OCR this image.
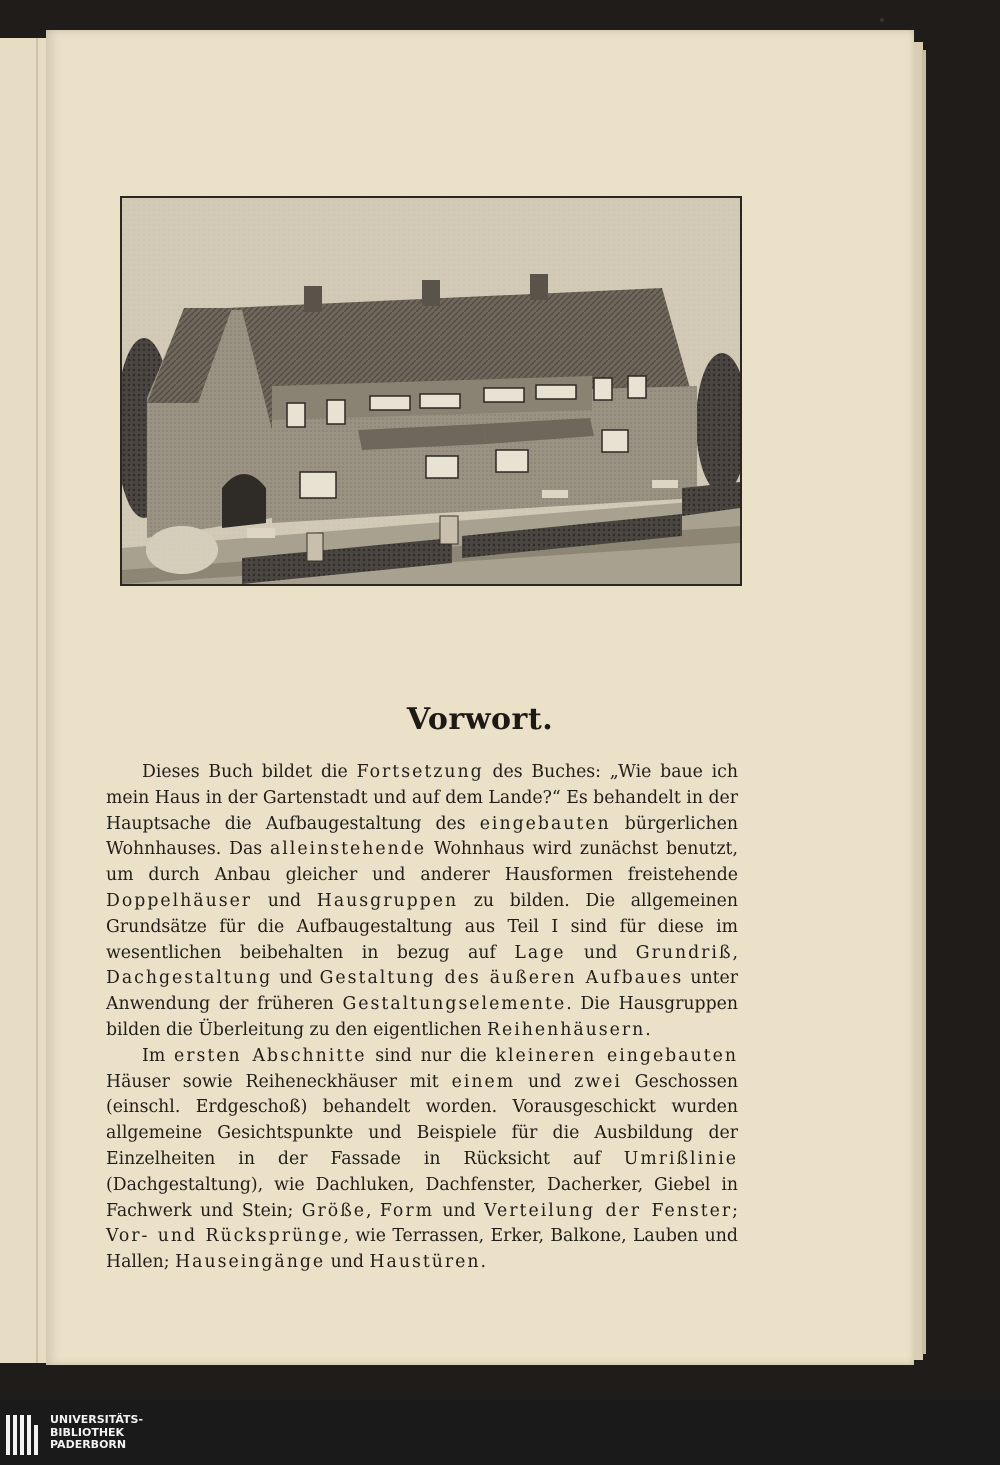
Vorwort.

Dieses Buch bildet die Fortsetzung des Buches: „Wie baue ich mein Haus in der Gartenstadt und auf dem Lande?“ Es behandelt in der Hauptsache die Aufbaugestaltung des eingebauten bürgerlichen Wohnhauses. Das alleinstehende Wohnhaus wird zunächst benutzt, um durch Anbau gleicher und anderer Hausformen freistehende Doppelhäuser und Hausgruppen zu bilden. Die allgemeinen Grundsätze für die Aufbaugestaltung aus Teil I sind für diese im wesentlichen beibehalten in bezug auf Lage und Grundriß, Dachgestaltung und Gestaltung des äußeren Aufbaues unter Anwendung der früheren Gestaltungselemente. Die Hausgruppen bilden die Überleitung zu den eigentlichen Reihenhäusern.

Im ersten Abschnitte sind nur die kleineren eingebauten Häuser sowie Reiheneckhäuser mit einem und zwei Geschossen (einschl. Erdgeschoß) behandelt worden. Vorausgeschickt wurden allgemeine Gesichtspunkte und Beispiele für die Ausbildung der Einzelheiten in der Fassade in Rücksicht auf Umrißlinie (Dachgestaltung), wie Dachluken, Dachfenster, Dacherker, Giebel in Fachwerk und Stein; Größe, Form und Verteilung der Fenster; Vor- und Rücksprünge, wie Terrassen, Erker, Balkone, Lauben und Hallen; Hauseingänge und Haustüren.

UNIVERSITÄTS-
BIBLIOTHEK
PADERBORN
